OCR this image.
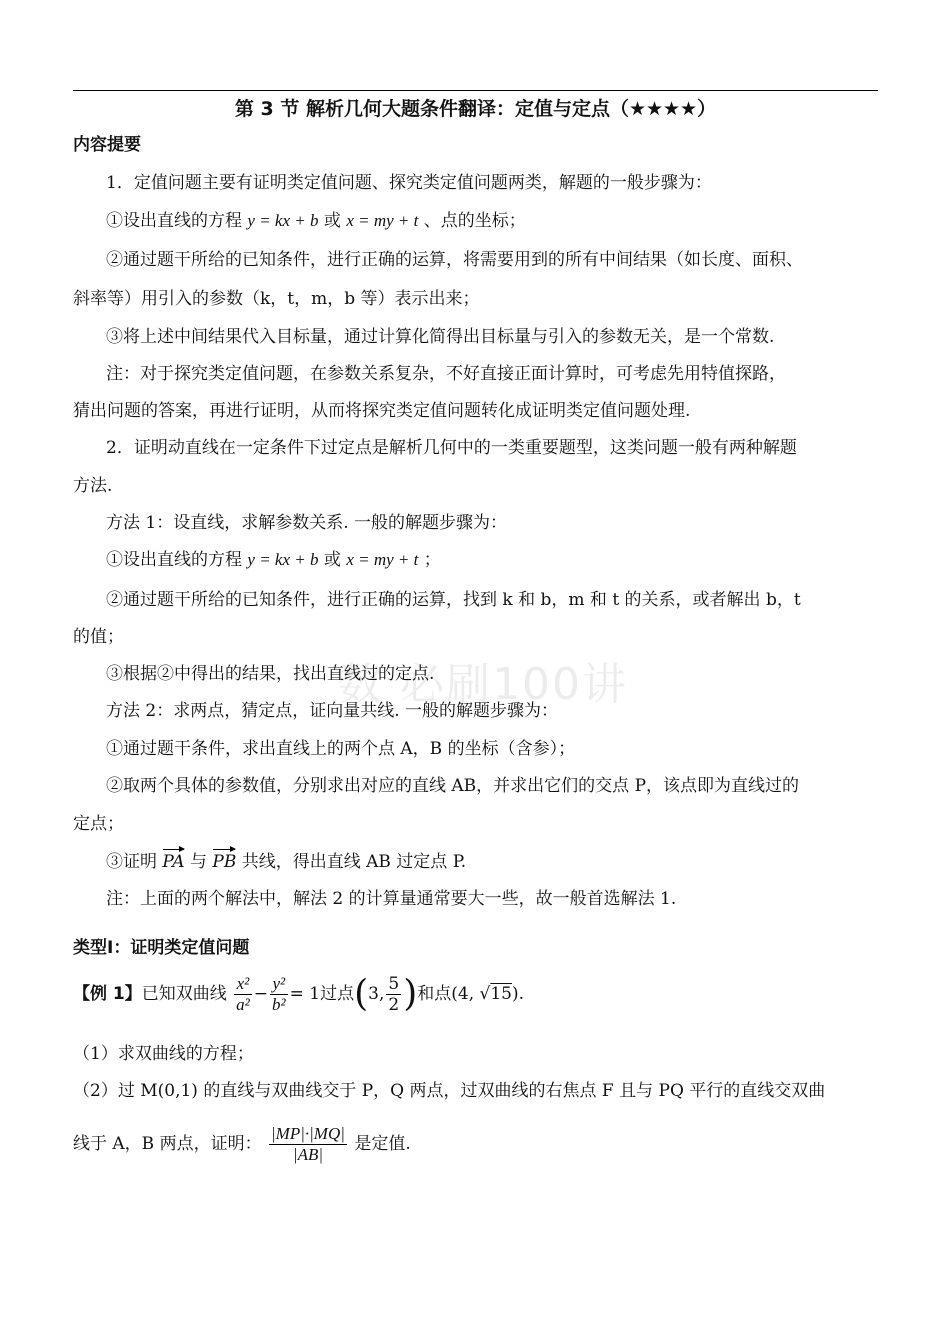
第 3 节 解析几何大题条件翻译：定值与定点（★★★★）
数 必刷100讲
内容提要
1．定值问题主要有证明类定值问题、探究类定值问题两类，解题的一般步骤为：
①设出直线的方程 y = kx + b 或 x = my + t 、点的坐标；
②通过题干所给的已知条件，进行正确的运算，将需要用到的所有中间结果（如长度、面积、
斜率等）用引入的参数（k，t，m，b 等）表示出来；
③将上述中间结果代入目标量，通过计算化简得出目标量与引入的参数无关，是一个常数.
注：对于探究类定值问题，在参数关系复杂，不好直接正面计算时，可考虑先用特值探路，
猜出问题的答案，再进行证明，从而将探究类定值问题转化成证明类定值问题处理.
2．证明动直线在一定条件下过定点是解析几何中的一类重要题型，这类问题一般有两种解题
方法.
方法 1：设直线，求解参数关系. 一般的解题步骤为：
①设出直线的方程 y = kx + b 或 x = my + t ；
②通过题干所给的已知条件，进行正确的运算，找到 k 和 b，m 和 t 的关系，或者解出 b，t
的值；
③根据②中得出的结果，找出直线过的定点.
方法 2：求两点，猜定点，证向量共线. 一般的解题步骤为：
①通过题干条件，求出直线上的两个点 A，B 的坐标（含参）；
②取两个具体的参数值，分别求出对应的直线 AB，并求出它们的交点 P，该点即为直线过的
定点；
③证明 PA 与 PB 共线，得出直线 AB 过定点 P.
注：上面的两个解法中，解法 2 的计算量通常要大一些，故一般首选解法 1.
类型Ⅰ：证明类定值问题
【例 1】已知双曲线 $\frac{\text{x²}}{\text{a²}} - \frac{\text{y²}}{\text{b²}} = 1$过点(3, $\frac{5}{2}$ )和点(4, √15).
（1）求双曲线的方程；
（2）过 M(0,1) 的直线与双曲线交于 P，Q 两点，过双曲线的右焦点 F 且与 PQ 平行的直线交双曲
线于 A，B 两点，证明： $\frac{|MP|\cdot|MQ|}{|AB|}$ 是定值.
